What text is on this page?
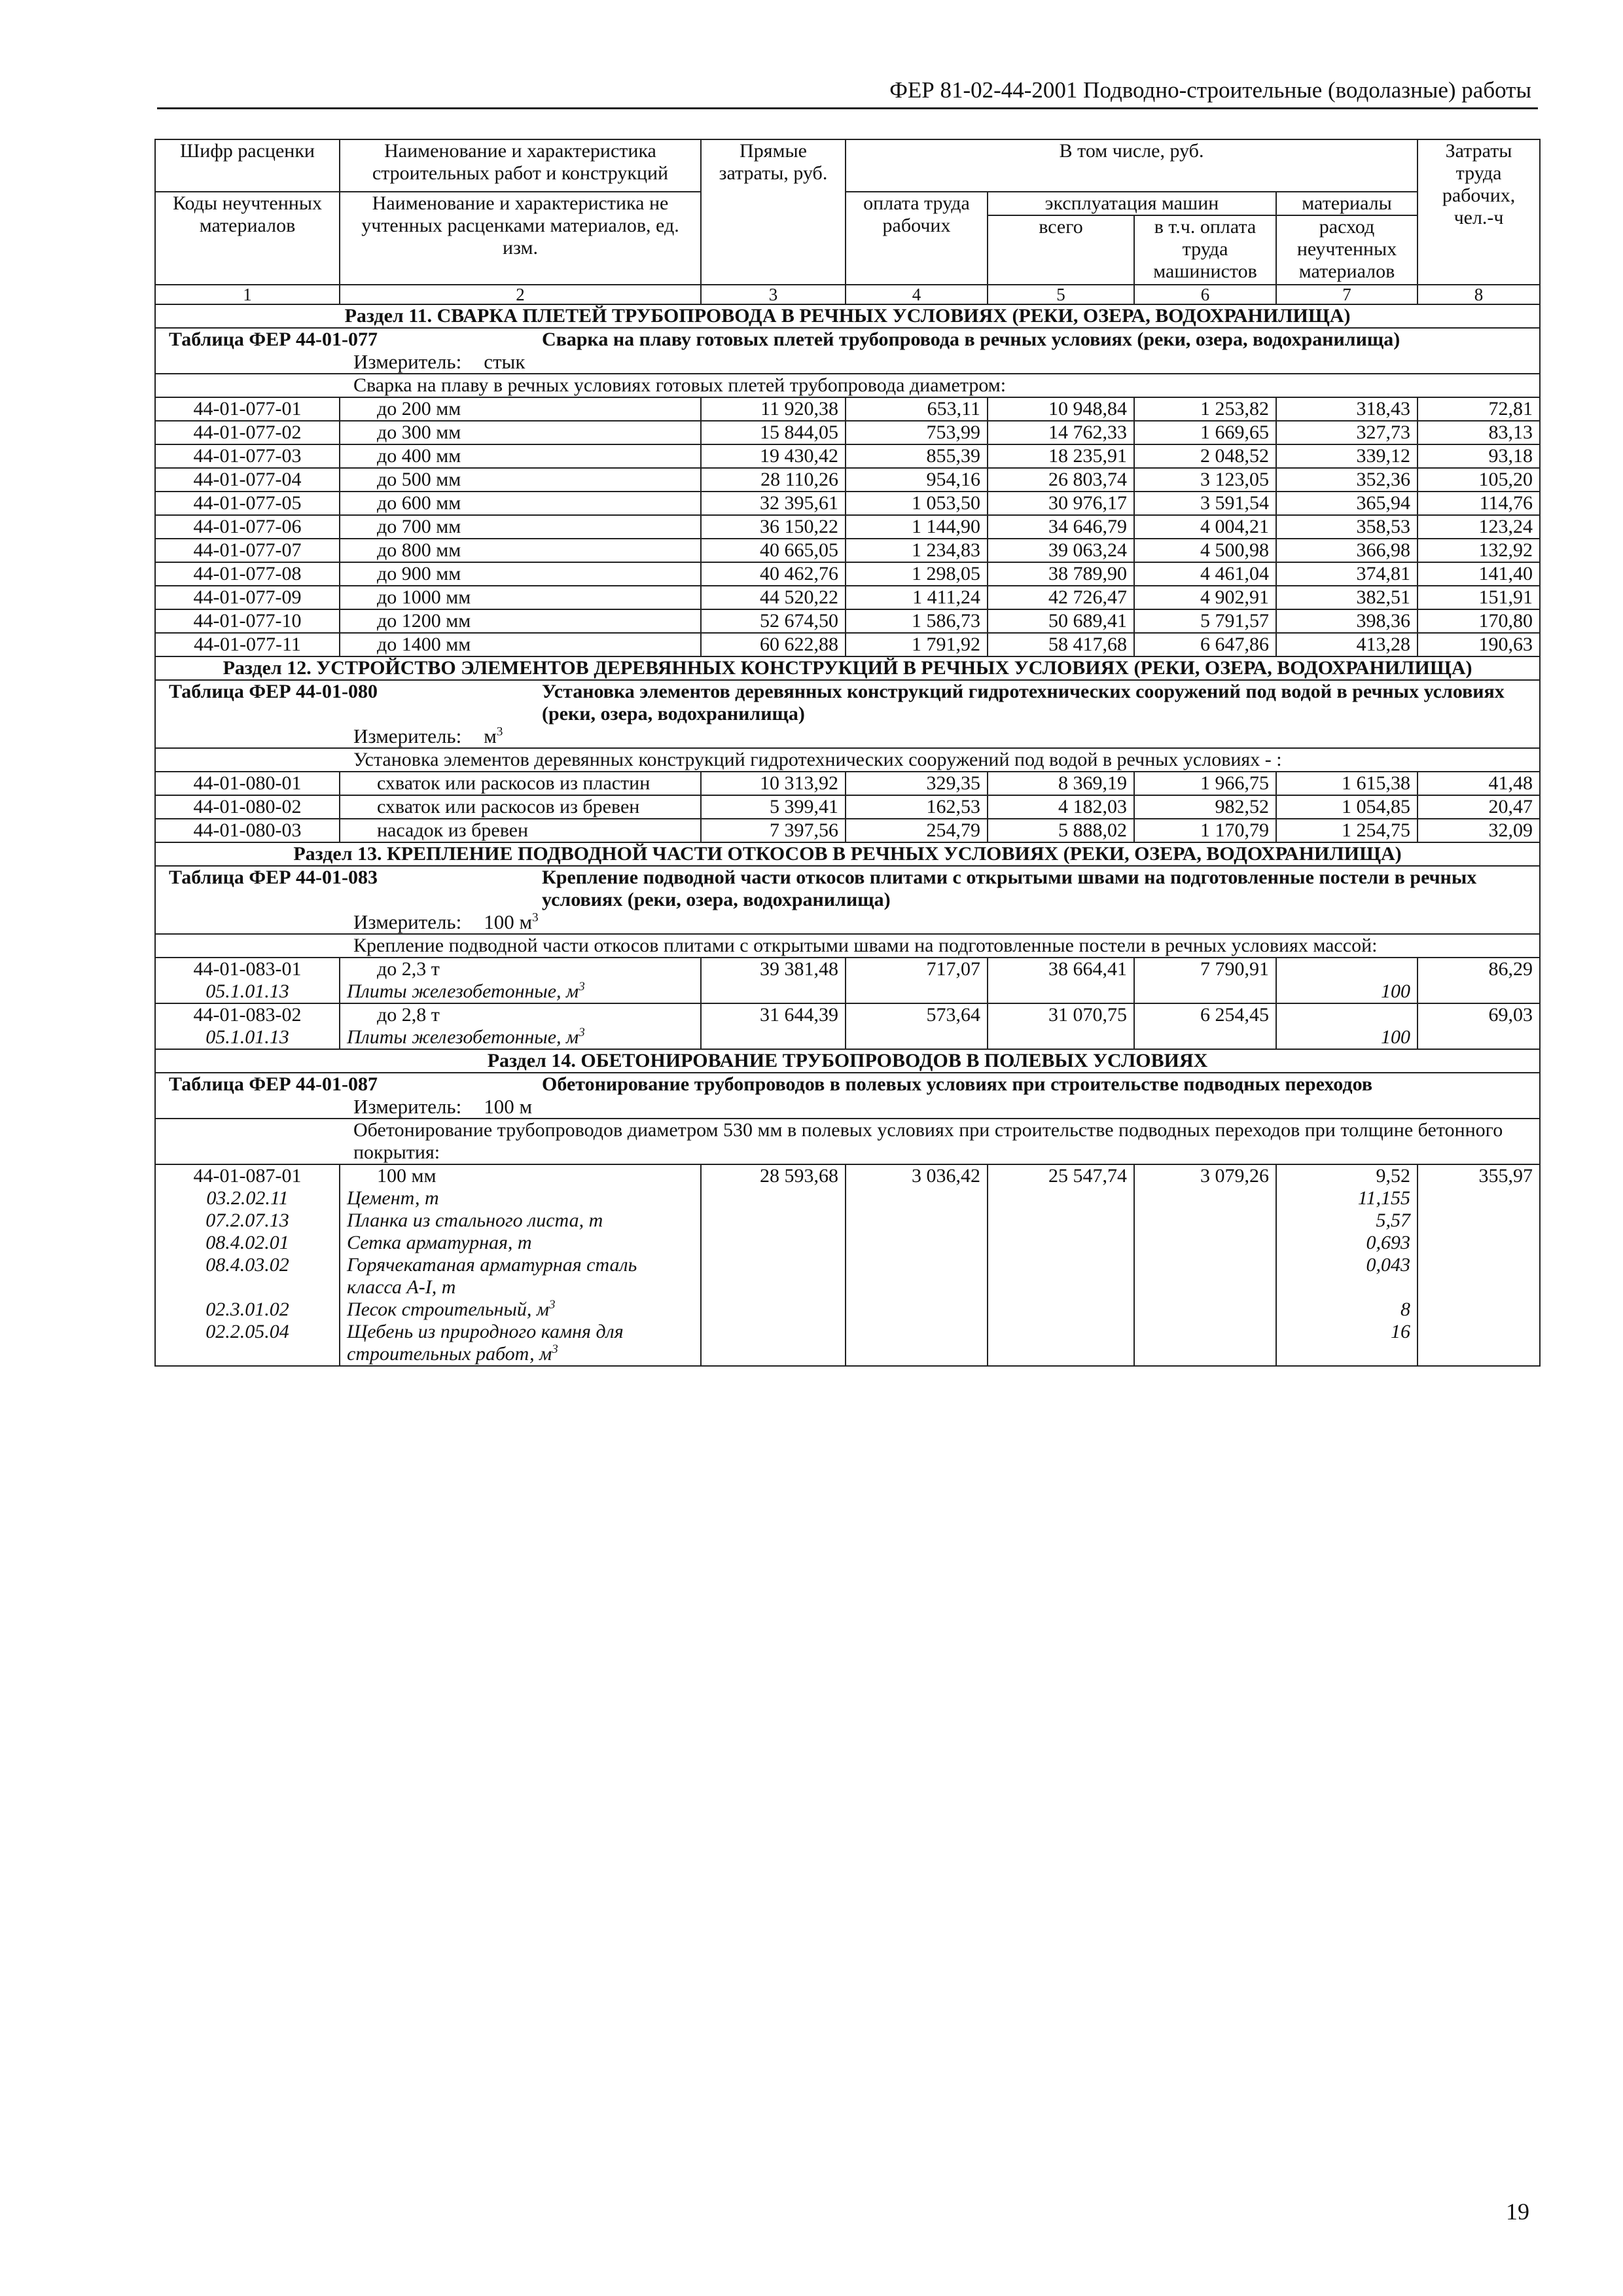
ФЕР 81-02-44-2001 Подводно-строительные (водолазные) работы
Шифр расценки	Наименование и характеристика строительных работ и конструкций	Прямые затраты, руб.	В том числе, руб.				Затраты труда рабочих, чел.-ч
Коды неучтенных материалов	Наименование и характеристика не учтенных расценками материалов, ед. изм.		оплата труда рабочих	эксплуатация машин		материалы	
				всего	в т.ч. оплата труда машинистов	расход неучтенных материалов	
1	2	3	4	5	6	7	8
Раздел 11. СВАРКА ПЛЕТЕЙ ТРУБОПРОВОДА В РЕЧНЫХ УСЛОВИЯХ (РЕКИ, ОЗЕРА, ВОДОХРАНИЛИЩА)							
Таблица ФЕР 44-01-077 Сварка на плаву готовых плетей трубопровода в речных условиях (реки, озера, водохранилища)
Измеритель: стык							

Сварка на плаву в речных условиях готовых плетей трубопровода диаметром:							

44-01-077-01	до 200 мм	11 920,38	653,11	10 948,84	1 253,82	318,43	72,81
44-01-077-02	до 300 мм	15 844,05	753,99	14 762,33	1 669,65	327,73	83,13
44-01-077-03	до 400 мм	19 430,42	855,39	18 235,91	2 048,52	339,12	93,18
44-01-077-04	до 500 мм	28 110,26	954,16	26 803,74	3 123,05	352,36	105,20
44-01-077-05	до 600 мм	32 395,61	1 053,50	30 976,17	3 591,54	365,94	114,76
44-01-077-06	до 700 мм	36 150,22	1 144,90	34 646,79	4 004,21	358,53	123,24
44-01-077-07	до 800 мм	40 665,05	1 234,83	39 063,24	4 500,98	366,98	132,92
44-01-077-08	до 900 мм	40 462,76	1 298,05	38 789,90	4 461,04	374,81	141,40
44-01-077-09	до 1000 мм	44 520,22	1 411,24	42 726,47	4 902,91	382,51	151,91
44-01-077-10	до 1200 мм	52 674,50	1 586,73	50 689,41	5 791,57	398,36	170,80
44-01-077-11	до 1400 мм	60 622,88	1 791,92	58 417,68	6 647,86	413,28	190,63
Раздел 12. УСТРОЙСТВО ЭЛЕМЕНТОВ ДЕРЕВЯННЫХ КОНСТРУКЦИЙ В РЕЧНЫХ УСЛОВИЯХ (РЕКИ, ОЗЕРА, ВОДОХРАНИЛИЩА)							
Таблица ФЕР 44-01-080 Установка элементов деревянных конструкций гидротехнических сооружений под водой в речных условиях (реки, озера, водохранилища)
Измеритель: $м^3$

Установка элементов деревянных конструкций гидротехнических сооружений под водой в речных условиях - :							

44-01-080-01	схваток или раскосов из пластин	10 313,92	329,35	8 369,19	1 966,75	1 615,38	41,48
44-01-080-02	схваток или раскосов из бревен	5 399,41	162,53	4 182,03	982,52	1 054,85	20,47
44-01-080-03	насадок из бревен	7 397,56	254,79	5 888,02	1 170,79	1 254,75	32,09
Раздел 13. КРЕПЛЕНИЕ ПОДВОДНОЙ ЧАСТИ ОТКОСОВ В РЕЧНЫХ УСЛОВИЯХ (РЕКИ, ОЗЕРА, ВОДОХРАНИЛИЩА)							
Таблица ФЕР 44-01-083 Крепление подводной части откосов плитами с открытыми швами на подготовленные постели в речных условиях (реки, озера, водохранилища)
Измеритель: 100 $м^3$

Крепление подводной части откосов плитами с открытыми швами на подготовленные постели в речных условиях массой:							

44-01-083-01	до 2,3 т	39 381,48	717,07	38 664,41	7 790,91		86,29
05.1.01.13	Плиты железобетонные, $м^3$					100	
44-01-083-02	до 2,8 т	31 644,39	573,64	31 070,75	6 254,45		69,03
05.1.01.13	Плиты железобетонные, $м^3$					100	
Раздел 14. ОБЕТОНИРОВАНИЕ ТРУБОПРОВОДОВ В ПОЛЕВЫХ УСЛОВИЯХ							
Таблица ФЕР 44-01-087 Обетонирование трубопроводов в полевых условиях при строительстве подводных переходов
Измеритель: 100 м							

Обетонирование трубопроводов диаметром 530 мм в полевых условиях при строительстве подводных переходов при толщине бетонного покрытия:							

44-01-087-01	100 мм	28 593,68	3 036,42	25 547,74	3 079,26	9,52	355,97
03.2.02.11	Цемент, т					11,155	
07.2.07.13	Планка из стального листа, т					5,57	
08.4.02.01	Сетка арматурная, т					0,693	
08.4.03.02	Горячекатаная арматурная сталь класса А-I, т					0,043	
02.3.01.02	Песок строительный, $м^3$					8	
02.2.05.04	Щебень из природного камня для строительных работ, $м^3$					16	
19
